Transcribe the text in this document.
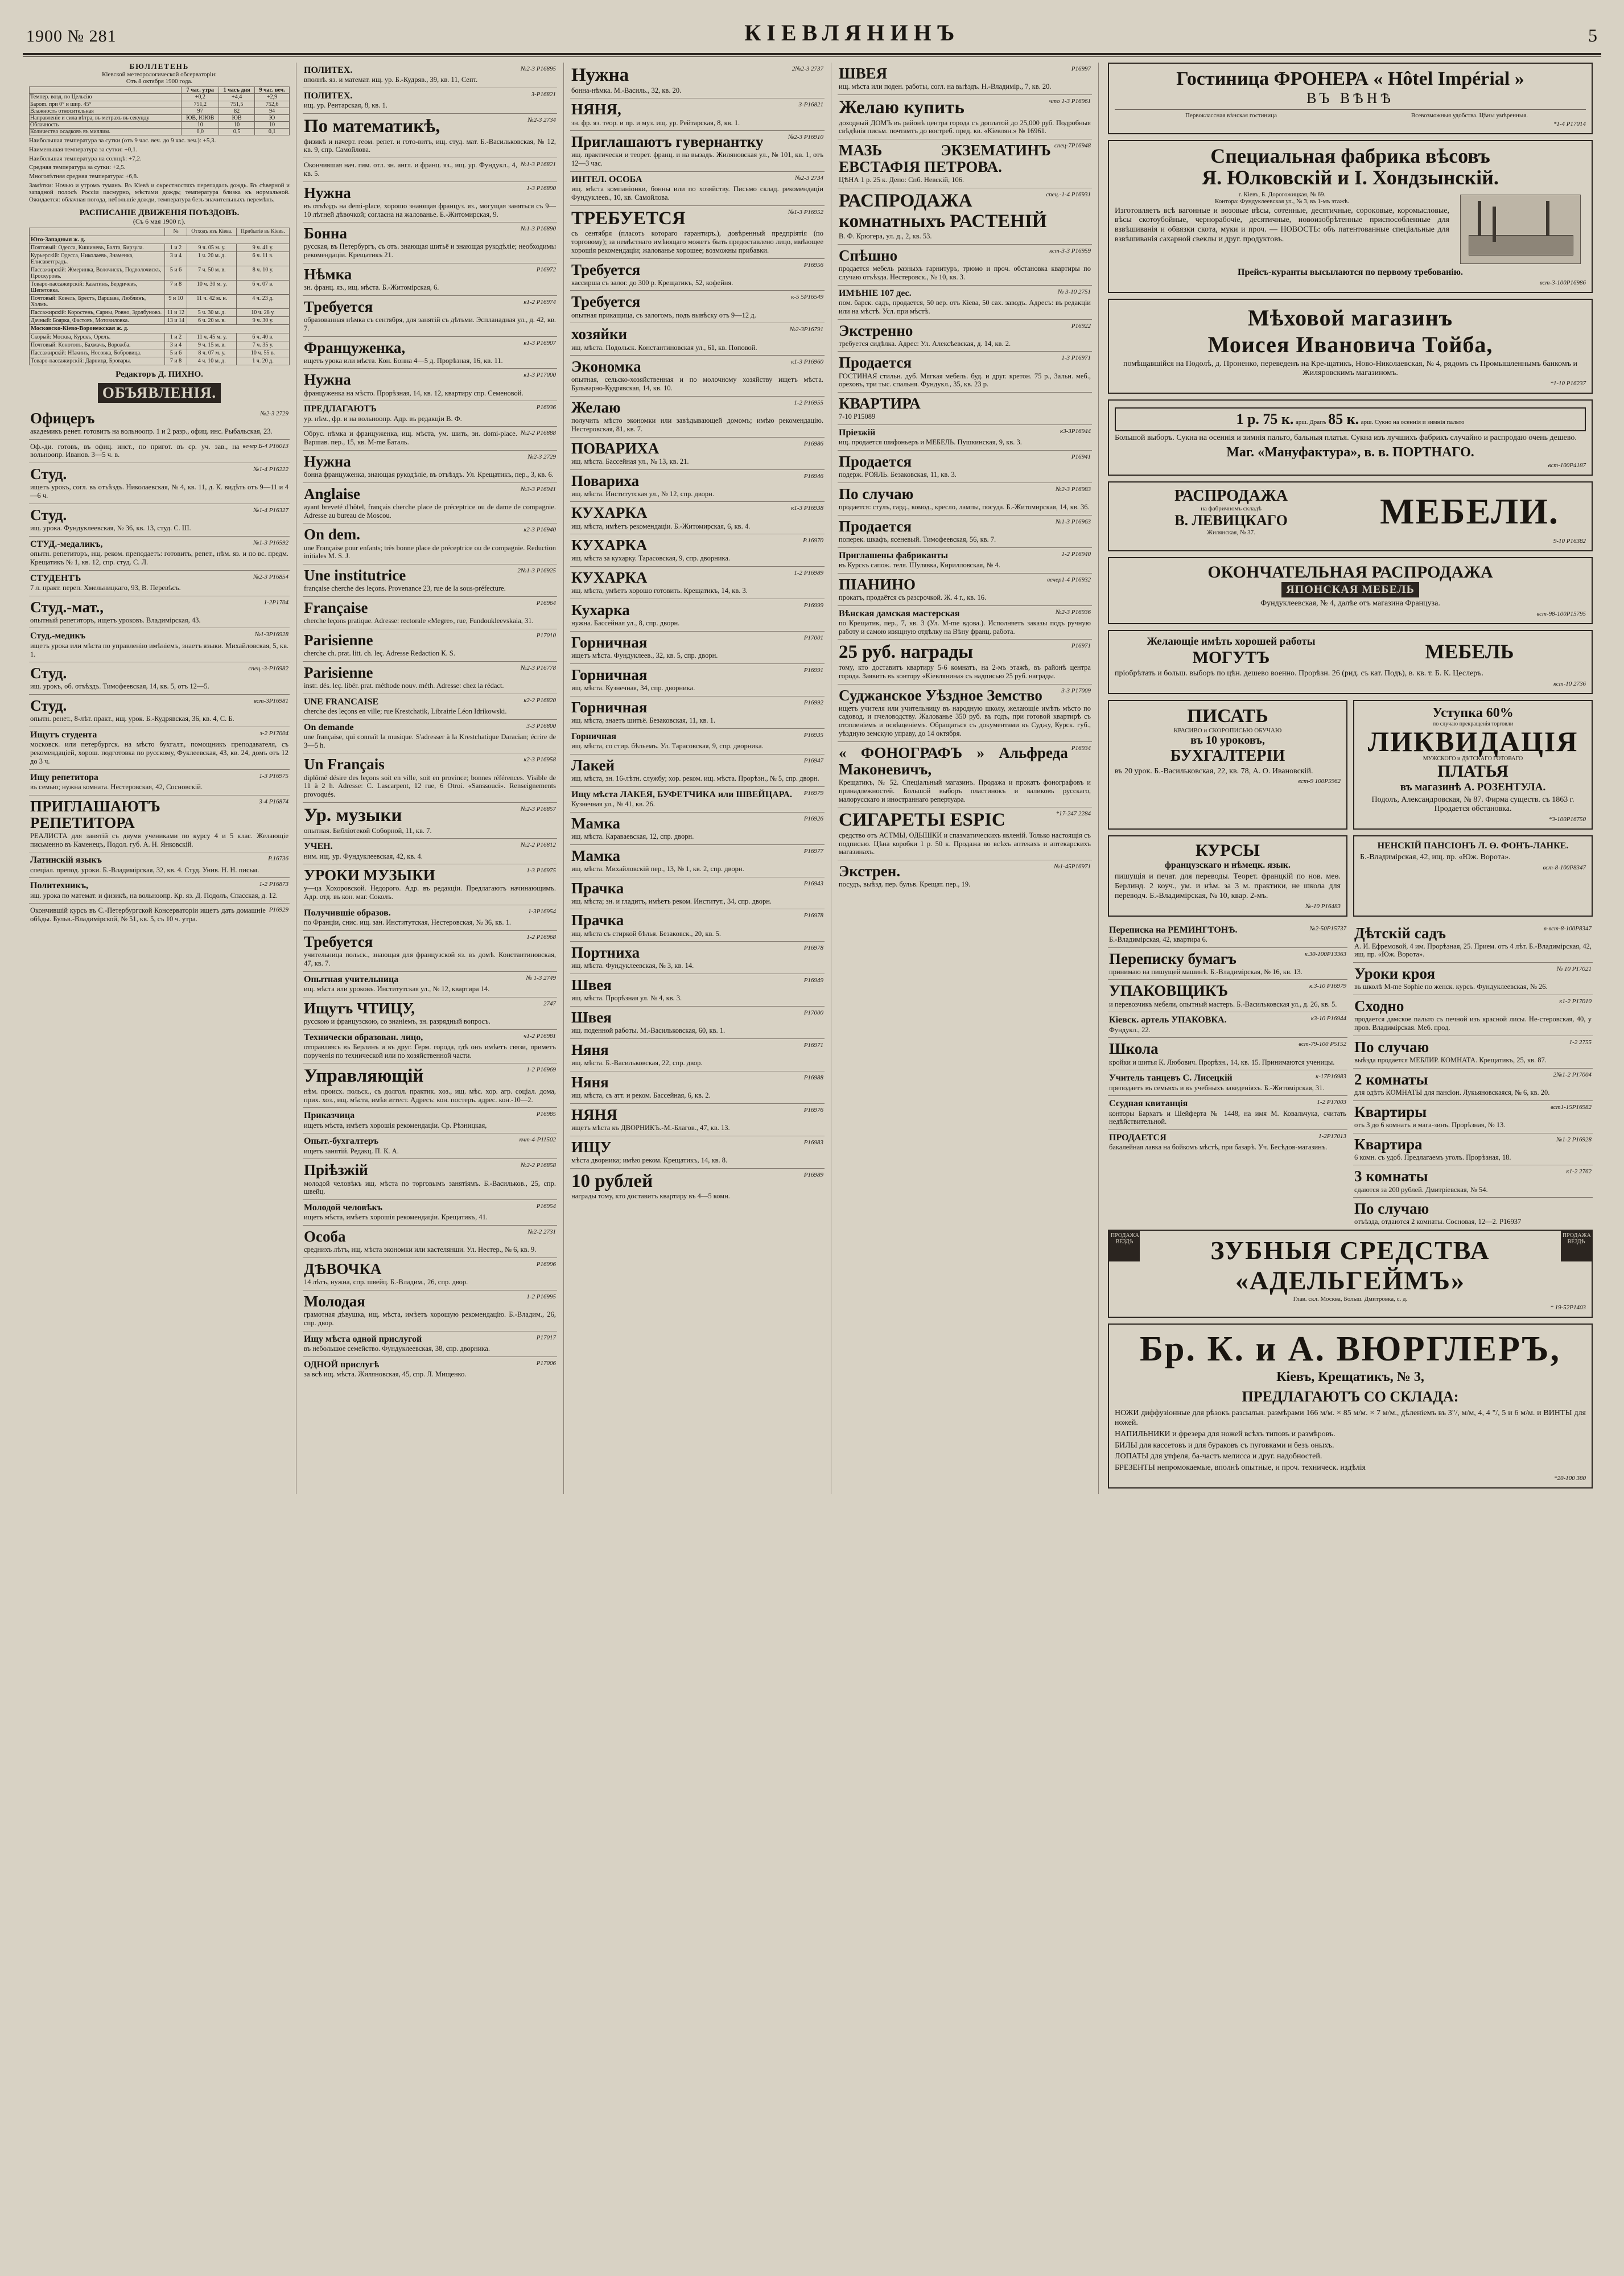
1900 № 281	КІЕВЛЯНИНЪ	5
БЮЛЛЕТЕНЬ
Кіевской метеорологической обсерваторіи:
Отъ 8 октября 1900 года.
	7 час. утра	1 часъ дня	9 час. веч.
Темпер. возд. по Цельсію	+0,2	+4,4	+2,9
Барom. при 0° и шир. 45°	751,2	751,5	752,6
Влажность относительная	97	82	94
Направленіе и сила вѣтра, въ метрахъ въ секунду	ЮВ, ЮЮВ	ЮВ	Ю
Облачность	10	10	10
Количество осадковъ въ миллим.	0,0	0,5	0,1

Наибольшая температура за сутки (отъ 9 час. веч. до 9 час. веч.): +5,3.

Наименьшая температура за сутки: +0,1.

Наибольшая температура на солнцѣ: +7,2.

Средняя температура за сутки: +2,5.

Многолѣтняя средняя температура: +6,8.

Замѣтки: Ночью и утромъ туманъ. Въ Кіевѣ и окрестностяхъ перепадалъ дождь. Въ сѣверной и западной полосѣ Россіи пасмурно, мѣстами дождь; температура близка къ нормальной. Ожидается: облачная погода, небольшіе дожди, температура безъ значительныхъ перемѣнъ.

РАСПИСАНІЕ ДВИЖЕНІЯ ПОѢЗДОВЪ.
(Съ 6 мая 1900 г.).
	№	Отходъ изъ Кіева.	Прибытіе въ Кіевъ.
Юго-Западныя ж. д.			
Почтовый: Одесса, Кишиневъ, Балта, Бирзула.	1 и 2	9 ч. 05 м. у.	9 ч. 41 у.
Курьерскій: Одесса, Николаевъ, Знаменка, Елисаветградъ.	3 и 4	1 ч. 20 м. д.	6 ч. 11 в.
Пассажирскій: Жмеринка, Волочискъ, Подволочискъ, Проскуровъ.	5 и 6	7 ч. 50 м. в.	8 ч. 10 у.
Товаро-пассажирскій: Казатинъ, Бердичевъ, Шепетовка.	7 и 8	10 ч. 30 м. у.	6 ч. 07 в.
Почтовый: Ковель, Брестъ, Варшава, Люблинъ, Холмъ.	9 и 10	11 ч. 42 м. н.	4 ч. 23 д.
Пассажирскій: Коростень, Сарны, Ровно, Здолбуново.	11 и 12	5 ч. 30 м. д.	10 ч. 28 у.
Дачный: Боярка, Фастовъ, Мотовиловка.	13 и 14	6 ч. 20 м. в.	9 ч. 30 у.
Московско-Кіево-Воронежская ж. д.			
Скорый: Москва, Курскъ, Орелъ.	1 и 2	11 ч. 45 м. у.	6 ч. 40 в.
Почтовый: Конотопъ, Бахмачъ, Ворожба.	3 и 4	9 ч. 15 м. в.	7 ч. 35 у.
Пассажирскій: Нѣжинъ, Носовка, Бобровица.	5 и 6	8 ч. 07 м. у.	10 ч. 55 в.
Товаро-пассажирскій: Дарница, Бровары.	7 и 8	4 ч. 10 м. д.	1 ч. 20 д.
Редакторъ Д. ПИХНО.
ОБЪЯВЛЕНІЯ.
№2-3 2729
Офицеръ
академикъ ренет. готовитъ на вольноопр. 1 и 2 разр., офиц. инс. Рыбальская, 23.
вечер Б-4 Р16013
Оф.-ди. готовъ, въ офиц. инст., по пригот. въ ср. уч. зав., на вольноопр. Иванов. 3—5 ч. в.
№1-4 Р16222
Студ.
ищетъ урокъ, согл. въ отъѣздъ. Николаевская, № 4, кв. 11, д. К. видѣть отъ 9—11 и 4—6 ч.
№1-4 Р16327
Студ.
ищ. урока. Фундуклеевская, № 36, кв. 13, студ. С. Ш.
№1-3 Р16592
СТУД.-медаликъ,
опытн. репетиторъ, ищ. реком. преподаетъ: готовитъ, репет., нѣм. яз. и по вс. предм. Крещатикъ № 1, кв. 12, спр. студ. С. Л.
№2-3 Р16854
СТУДЕНТЪ
7 л. практ. переп. Хмельницкаго, 93, В. Перевѣсъ.
1-2Р1704
Студ.-мат.,
опытный репетиторъ, ищетъ уроковъ. Владимірская, 43.
№1-3Р16928
Студ.-медикъ
ищетъ урока или мѣста по управленію имѣніемъ, знаетъ языки. Михайловская, 5, кв. 1.
спец.-3-Р16982
Студ.
ищ. урокъ, об. отъѣздъ. Тимофеевская, 14, кв. 5, отъ 12—5.
вст-3Р16981
Студ.
опытн. ренет., 8-лѣт. практ., ищ. урок. Б.-Кудрявская, 36, кв. 4, С. Б.
з-2 Р17004
Ищутъ студента
московск. или петербургск. на мѣсто бухгалт., помощникъ преподавателя, съ рекомендаціей, хорош. подготовка по русскому, Фуклеевская, 43, кв. 24, домъ отъ 12 до 3 ч.
1-3 Р16975
Ищу репетитора
въ семью; нужна комната. Нестеровская, 42, Сосновскій.
3-4 Р16874
ПРИГЛАШАЮТЪ РЕПЕТИТОРА
РЕАЛИСТА для занятій съ двумя учениками по курсу 4 и 5 клас. Желающіе письменно въ Каменецъ, Подол. губ. А. Н. Янковскій.
Р.16736
Латинскій языкъ
спеціал. препод. уроки. Б.-Владимірская, 32, кв. 4. Студ. Унив. Н. Н. письм.
1-2 Р16873
Политехникъ,
ищ. урока по математ. и физикѣ, на вольноопр. Кр. яз. Д. Подолъ, Спасская, д. 12.
Р16929
Окончившій курсъ въ С.-Петербургской Консерваторіи ищетъ дать домашніе обѣды. Бульв.-Владимірской, № 51, кв. 5, съ 10 ч. утра.
№2-3 Р16895
ПОЛИТЕХ.
вполнѣ. яз. и математ. ищ. ур. Б.-Кудряв., 39, кв. 11, Септ.
З-Р16821
ПОЛИТЕХ.
ищ. ур. Реитарская, 8, кв. 1.
№2-3 2734
По математикѣ,
физикѣ и начерт. геом. репет. и гото-витъ, ищ. студ. мат. Б.-Васильковская, № 12, кв. 9, спр. Самойлова.
№1-3 Р16821
Окончившая нач. гим. отл. зн. англ. и франц. яз., ищ. ур. Фундукл., 4, кв. 5.
1-3 Р16890
Нужна
въ отъѣздъ на demi-place, хорошо знающая француз. яз., могущая заняться съ 9—10 лѣтней дѣвочкой; согласна на жалованье. Б.-Житомирская, 9.
№1-3 Р16890
Бонна
русская, въ Петербургъ, съ отъ. знающая шитьё и знающая рукодѣліе; необходимы рекомендаціи. Крещатикъ 21.
Р16972
Нѣмка
зн. франц. яз., ищ. мѣста. Б.-Житомірская, 6.
к1-2 Р16974
Требуется
образованная нѣмка съ сентября, для занятій съ дѣтьми. Эспланадная ул., д. 42, кв. 7.
к1-3 Р16907
Француженка,
ищетъ урока или мѣста. Кон. Бонна 4—5 д. Прорѣзная, 16, кв. 11.
к1-3 Р17000
Нужна
француженка на мѣсто. Прорѣзная, 14, кв. 12, квартиру спр. Семеновой.
Р16936
ПРЕДЛАГАЮТЪ
ур. нѣм., фр. и на вольноопр. Адр. въ редакціи В. Ф.
№2-2 Р16888
Обрус. нѣмка и француженка, ищ. мѣста, ум. шить, зн. domi-place. Варшав. пер., 15, кв. М-me Баталь.
№2-3 2729
Нужна
бонна француженка, знающая рукодѣліе, въ отъѣздъ. Ул. Крещатикъ, пер., 3, кв. 6.
№3-3 Р16941
Anglaise
ayant breveté d'hôtel, français cherche place de préceptrice ou de dame de compagnie. Adresse au bureau de Moscou.
к2-3 Р16940
On dem.
une Française pour enfants; très bonne place de préceptrice ou de compagnie. Reduction initiales M. S. J.
2№1-3 Р16925
Une institutrice
française cherche des leçons. Provenance 23, rue de la sous-préfecture.
Р16964
Française
cherche leçons pratique. Adresse: rectorale «Mеgre», rue, Fundoukleevskaia, 31.
Р17010
Parisienne
cherche ch. prat. litt. ch. leç. Adresse Redaction К. S.
№2-3 Р16778
Parisienne
instr. dés. leç. libér. prat. méthode nouv. méth. Adresse: chez la rédact.
к2-2 Р16820
UNE FRANCAISE
cherche des leçons en ville; rue Krestchatik, Librairie Léon Idrikowski.
3-3 Р16800
On demande
une française, qui connaît la musique. S'adresser à la Krestchatique Daracian; écrire de 3—5 h.
к2-3 Р16958
Un Français
diplômé désire des leçons soit en ville, soit en province; bonnes références. Visible de 11 à 2 h. Adresse: С. Lascarpent, 12 rue, 6 Otroi. «Sanssouci». Renseignements provoqués.
№2-3 Р16857
Ур. музыки
опытная. Библіотекой Соборной, 11, кв. 7.
№2-2 Р16812
УЧЕН.
ним. ищ. ур. Фундуклеевская, 42, кв. 4.
1-3 Р16975
УРОКИ МУЗЫКИ
у—ца Хохоровской. Недорого. Адр. въ редакціи. Предлагаютъ начинающимъ. Адр. отд. въ кон. маг. Соколъ.
1-3Р16954
Получившіе образов.
по Франціи, снис. ищ. зан. Институтская, Нестеровская, № 36, кв. 1.
1-2 Р16968
Требуется
учительница польск., знающая для французской яз. въ домѣ. Константиновская, 47, кв. 7.
№ 1-3 2749
Опытная учительница
ищ. мѣста или уроковъ. Институтская ул., № 12, квартира 14.
2747
Ищутъ ЧТИЦУ,
русскою и французскою, со знаніемъ, зн. разрядный вопросъ.
ч1-2 Р16981
Технически образован. лицо,
отправляясь въ Берлинъ и въ друг. Герм. города, гдѣ онъ имѣетъ связи, приметъ порученія по технической или по хозяйственной части.
1-2 Р16969
Управляющій
нѣм. происх. польск., съ долгол. практик. хоз., ищ. мѣс. хор. агр. соціал. дома, прих. хоз., ищ. мѣста, имѣя аттест. Адресъ: кон. постеръ. адрес. кон.-10—2.
Р16985
Приказчица
ищетъ мѣста, имѣетъ хорошія рекомендаціи. Ср. Рѣзницкая,
кчт-4-Р11502
Опыт.-бухгалтеръ
ищетъ занятій. Редакц. П. К. А.
№2-2 Р16858
Прiѣзжiй
молодой человѣкъ ищ. мѣста по торговымъ занятіямъ. Б.-Васильков., 25, спр. швейц.
Р16954
Молодой человѣкъ
ищетъ мѣста, имѣетъ хорошія рекомендаціи. Крещатикъ, 41.
№2-2 2731
Особа
среднихъ лѣтъ, ищ. мѣста экономки или кастелянши. Ул. Нестер., № 6, кв. 9.
Р16996
ДѢВОЧКА
14 лѣтъ, нужна, спр. швейц. Б.-Владим., 26, спр. двор.
1-2 Р16995
Молодая
грамотная дѣвушка, ищ. мѣста, имѣетъ хорошую рекомендацію. Б.-Владим., 26, спр. двор.
Р17017
Ищу мѣста одной прислугой
въ небольшое семейство. Фундуклеевская, 38, спр. дворника.
Р17006
ОДНОЙ прислугѣ
за всѣ ищ. мѣста. Жиляновская, 45, спр. Л. Мищенко.
2№2-3 2737
Нужна
бонна-нѣмка. М.-Василь., 32, кв. 20.
З-Р16821
НЯНЯ,
зн. фр. яз. теор. и пр. и муз. ищ. ур. Рейтарская, 8, кв. 1.
№2-3 Р16910
Приглашаютъ гувернантку
ищ. практически и теорет. франц. и на вызадъ. Жиляновская ул., № 101, кв. 1, отъ 12—3 час.
№2-3 2734
ИНТЕЛ. ОСОБА
ищ. мѣста компаніонки, бонны или по хозяйству. Письмо склад. рекомендаціи Фундуклеев., 10, кв. Самойлова.
№1-3 Р16952
ТРЕБУЕТСЯ
съ сентября (пласоть котораго гарантиръ.), довѣренный предпріятія (по торговому); за немѣстнаго имѣющаго можетъ быть предоставлено лицо, имѣющее хорошія рекомендаціи; жалованье хорошее; возможны прибавки.
Р16956
Требуется
кассирша съ залог. до 300 р. Крещатикъ, 52, кофейня.
к-5 5Р16549
Требуется
опытная прикащица, съ залогомъ, подъ вывѣску отъ 9—12 д.
№2-3Р16791
хозяйки
ищ. мѣста. Подольск. Константиновская ул., 61, кв. Поповой.
к1-3 Р16960
Экономка
опытная, сельско-хозяйственная и по молочному хозяйству ищетъ мѣста. Бульварно-Кудрявская, 14, кв. 10.
1-2 Р16955
Желаю
получить мѣсто экономки или завѣдывающей домомъ; имѣю рекомендацію. Нестеровская, 81, кв. 7.
Р16986
ПОВАРИХА
ищ. мѣста. Бассейная ул., № 13, кв. 21.
Р16946
Повариха
ищ. мѣста. Институтская ул., № 12, спр. дворн.
к1-3 Р16938
КУХАРКА
ищ. мѣста, имѣетъ рекомендаціи. Б.-Житомирская, 6, кв. 4.
Р.16970
КУХАРКА
ищ. мѣста за кухарку. Тарасовская, 9, спр. дворника.
1-2 Р16989
КУХАРКА
ищ. мѣста, умѣетъ хорошо готовить. Крещатикъ, 14, кв. 3.
Р16999
Кухарка
нужна. Бассейная ул., 8, спр. дворн.
Р17001
Горничная
ищетъ мѣста. Фундуклеев., 32, кв. 5, спр. дворн.
Р16991
Горничная
ищ. мѣста. Кузнечная, 34, спр. дворника.
Р16992
Горничная
ищ. мѣста, знаетъ шитьё. Безаковская, 11, кв. 1.
Р16935
Горничная
ищ. мѣста, со стир. бѣльемъ. Ул. Тарасовская, 9, спр. дворника.
Р16947
Лакей
ищ. мѣста, зн. 16-лѣтн. службу; хор. реком. ищ. мѣста. Прорѣзн., № 5, спр. дворн.
Р16979
Ищу мѣста ЛАКЕЯ, БУФЕТЧИКА или ШВЕЙЦАРА.
Кузнечная ул., № 41, кв. 26.
Р16926
Мамка
ищ. мѣста. Караваевская, 12, спр. дворн.
Р16977
Мамка
ищ. мѣста. Михайловскій пер., 13, № 1, кв. 2, спр. дворн.
Р16943
Прачка
ищ. мѣста; зн. и гладитъ, имѣетъ реком. Институт., 34, спр. дворн.
Р16978
Прачка
ищ. мѣста съ стиркой бѣлья. Безаковск., 20, кв. 5.
Р16978
Портниха
ищ. мѣста. Фундуклеевская, № 3, кв. 14.
Р16949
Швея
ищ. мѣста. Прорѣзная ул. № 4, кв. 3.
Р17000
Швея
ищ. поденной работы. М.-Васильковская, 60, кв. 1.
Р16971
Няня
ищ. мѣста. Б.-Васильковская, 22, спр. двор.
Р16988
Няня
ищ. мѣста, съ атт. и реком. Бассейная, 6, кв. 2.
Р16976
НЯНЯ
ищетъ мѣста къ ДВОРНИКЪ.-М.-Благов., 47, кв. 13.
Р16983
ИЩУ
мѣста дворника; имѣю реком. Крещатикъ, 14, кв. 8.
Р16989
10 рублей
награды тому, кто доставитъ квартиру въ 4—5 комн.
Р16997
ШВЕЯ
ищ. мѣста или поден. работы, согл. на выѣздъ. Н.-Владимір., 7, кв. 20.
что 1-3 Р16961
Желаю купить
доходный ДОМЪ въ районѣ центра города съ доплатой до 25,000 руб. Подробныя свѣдѣнія письм. почтамтъ до востреб. пред. кв. «Кіевлян.» № 16961.
спец-7Р16948
МАЗЬ ЭКЗЕМАТИНЪ ЕВСТАФІЯ ПЕТРОВА.
ЦѢНА 1 р. 25 к. Депо: Спб. Невскій, 106.
спец.-1-4 Р16931
РАСПРОДАЖА комнатныхъ РАСТЕНІЙ
В. Ф. Крюгера, ул. д., 2, кв. 53.
кст-3-3 Р16959
Спѣшно
продается мебель разныхъ гарнитуръ, трюмо и проч. обстановка квартиры по случаю отъѣзда. Нестеровск., № 10, кв. 3.
№ 3-10 2751
ИМѢНІЕ 107 дес.
пом. барск. садъ, продается, 50 вер. отъ Кіева, 50 сах. заводъ. Адресъ: въ редакціи или на мѣстѣ. Усл. при мѣстѣ.
Р16922
Экстренно
требуется сидѣлка. Адрес: Ул. Алексѣевская, д. 14, кв. 2.
1-3 Р16971
Продается
ГОСТИНАЯ стильн. дуб. Мягкая мебель. буд. и друг. кретон. 75 р., Зальн. меб., ореховъ, три тыс. спальня. Фундукл., 35, кв. 23 р.
КВАРТИРА
7-10 Р15089
к3-3Р16944
Прieзжiй
ищ. продается шифоньеръ и МЕБЕЛЬ. Пушкинская, 9, кв. 3.
Р16941
Продается
подерж. РОЯЛЬ. Безаковская, 11, кв. 3.
№2-3 Р16983
По случаю
продается: стулъ, гард., комод., кресло, лампы, посуда. Б.-Житомирская, 14, кв. 36.
№1-3 Р16963
Продается
поперек. шкафъ, ясеневый. Тимофеевская, 56, кв. 7.
1-2 Р16940
Приглашены фабриканты
въ Курскъ сапож. теля. Шулявка, Кирилловская, № 4.
вечер1-4 Р16932
ПІАНИНО
прокатъ, продаётся съ разсрочкой. Ж. 4 г., кв. 16.
№2-3 Р16936
Вѣнская дамская мастерская
по Крещатик, пер., 7, кв. 3 (Ул. М-me вдова.). Исполняетъ заказы подъ ручную работу и самою изящную отдѣлку на Вѣну франц. работа.
Р16971
25 руб. награды
тому, кто доставитъ квартиру 5-6 комнатъ, на 2-мъ этажѣ, въ районѣ центра города. Заявить въ контору «Кіевлянина» съ надписью 25 руб. награды.
3-3 Р17009
Суджанское Уѣздное Земство
ищетъ учителя или учительницу въ народную школу, желающіе имѣть мѣсто по садовод. и пчеловодству. Жалованье 350 руб. въ годъ, при готовой квартирѣ съ отопленіемъ и освѣщеніемъ. Обращаться съ документами въ Суджу, Курск. губ., уѣздную земскую управу, до 14 октября.
Р16934
« ФОНОГРАФЪ » Альфреда Маконевичъ,
Крещатикъ, № 52. Спеціальный магазинъ. Продажа и прокатъ фонографовъ и принадлежностей. Большой выборъ пластинокъ и валиковъ русскаго, малорусскаго и иностраннаго репертуара.
*17-247 2284
СИГАРЕТЫ ESPIC
средство отъ АСТМЫ, ОДЫШКИ и спазматическихъ явленій. Только настоящія съ подписью. Цѣна коробки 1 р. 50 к. Продажа во всѣхъ аптекахъ и аптекарскихъ магазинахъ.
№1-45Р16971
Экстрен.
посудъ, выѣзд. пер. бульв. Крещат. пер., 19.
Гостиница ФРОНЕРА « Hôtel Impérial »
ВЪ ВѢНѢ
Первоклассная вѣнская гостиница	Всевозможныя удобства. Цѣны умѣренныя.
*1-4 Р17014
Специальная фабрика вѣсовъ
Я. Юлковскій и І. Хондзынскій.
г. Кіевъ, Б. Дорогожицкая, № 69.
Конторa: Фундуклеевская ул., № 3, въ 1-мъ этажѣ.

Изготовляетъ всѣ вагонные и возовые вѣсы, сотенные, десятичные, сорокoвые, коромысловые, вѣсы скотоубойные, чернорабочіе, десятичные, новоизобрѣтенные приспособленные для взвѣшиванія и обвязки скота, муки и проч. — НОВОСТЬ: объ патентованные спеціальные для взвѣшиванія сахарной свеклы и друг. продуктовъ.

Прейсъ-куранты высылаются по первому требованію.
вст-3-100Р16986
Мѣховой магазинъ
Моисея Ивановича Тойба,

помѣщавшійся на Подолѣ, д. Проненко, переведенъ на Кре-щатикъ, Ново-Николаевская, № 4, рядомъ съ Промышленнымъ банкомъ и Жиляровскимъ магазиномъ.

*1-10 Р16237
1 р. 75 к. арш. Драпъ 85 к. арш. Сукно на осеннія и зимнія пальто

Большой выборъ. Сукна на осеннія и зимнія пальто, бальныя платья. Сукна изъ лучшихъ фабрикъ случайно и распродаю очень дешево.

Маг. «Мануфактура», в. в. ПОРТНАГО.
вст-100Р4187
РАСПРОДАЖА
на фабричномъ складѣ
В. ЛЕВИЦКАГО
Жилянская, № 37.
МЕБЕЛИ.
9-10 Р16382
ОКОНЧАТЕЛЬНАЯ РАСПРОДАЖА
ЯПОНСКАЯ МЕБЕЛЬ

Фундуклеевская, № 4, далѣе отъ магазина Француза.

вст-98-100Р15795
Желающіе имѣть хорошей работы
МОГУТЪ	МЕБЕЛЬ

пріобрѣтать и больш. выборъ по цѣн. дешево военно. Прорѣзн. 26 (рид. съ кат. Подъ), в. кв. т. Б. К. Цеслеръ.

кст-10 2736
ПИСАТЬ
КРАСИВО и СКОРОПИСЬЮ ОБУЧАЮ
въ 10 уроковъ,
БУХГАЛТЕРІИ

въ 20 урок. Б.-Васильковская, 22, кв. 78, А. О. Ивановскій.

вст-9 100Р5962
Уступка 60%
по случаю прекращенія торговли
ЛИКВИДАЦІЯ
МУЖСКОГО и ДѢТСКАГО ГОТОВАГО
ПЛАТЬЯ
въ магазинѣ А. РОЗЕНТУЛА.

Подолъ, Александровская, № 87. Фирма существ. съ 1863 г. Продается обстановка.

*3-100Р16750
КУРСЫ
французскаго и нѣмецк. язык.

пишущія и печат. для переводы. Теорет. францкій по нов. меѳ. Берлинд. 2 коуч., ум. и нѣм. за 3 м. практики, не школа для переводч. Б.-Владимірская, № 10, квар. 2-мъ.

№-10 Р16483
НЕНСКІЙ ПАНСІОНЪ Л. Ө. ФОНЪ-ЛАНКЕ.

Б.-Владимірская, 42, ищ. пр. «Юж. Ворота».

вст-8-100Р8347
№2-50Р15737
Переписка на РЕМИНГТОНѢ.
Б.-Владимірская, 42, квартира 6.
к.30-100Р13363
Переписку бумагъ
принимаю на пишущей машинѣ. Б.-Владимірская, № 16, кв. 13.
к.3-10 Р16979
УПАКОВЩИКЪ
и перевозчикъ мебели, опытный мастеръ. Б.-Васильковская ул., д. 26, кв. 5.
к3-10 Р16944
Кіевск. артель УПАКОВКА.
Фундукл., 22.
вст-79-100 Р5152
Школа
кройки и шитья К. Любович. Прорѣзн., 14, кв. 15. Принимаются ученицы.
к-17Р16983
Учитель танцевъ С. Лисецкій
преподаетъ въ семьяхъ и въ учебныхъ заведеніяхъ. Б.-Житомірская, 31.
1-2 Р17003
Ссудная квитанція
конторы Бархатъ и Шейферта № 1448, на имя М. Ковальчука, считать недѣйствительной.
1-2Р17013
ПРОДАЕТСЯ
бакалейная лавка на бойкомъ мѣстѣ, при базарѣ. Уч. Бесѣдов-магазинъ.
в-вст-8-100Р8347
Дѣтскій садъ
А. И. Ефремовой, 4 им. Прорѣзная, 25. Прием. отъ 4 лѣт. Б.-Владимірская, 42, ищ. пр. «Юж. Ворота».
№ 10 Р17021
Уроки кроя
въ школѣ M-me Sophie по женск. курсъ. Фундуклеевская, № 26.
к1-2 Р17010
Сходно
продается дамское пальто съ печной изъ красной лисы. Не-стеровская, 40, у пров. Владимірская. Меб. прод.
1-2 2755
По случаю
выѣзда продается МЕБЛИР. КОМНАТА. Крещатикъ, 25, кв. 87.
2№1-2 Р17004
2 комнаты
для одѣтъ КОМНАТЫ для пансіон. Лукьяновскаяся, № 6, кв. 20.
вст1-15Р16982
Квартиры
отъ 3 до 6 комнатъ и мага-зинъ. Прорѣзная, № 13.
№1-2 Р16928
Квартира
6 комн. съ удоб. Предлагаемъ уголъ. Прорѣзная, 18.
к1-2 2762
3 комнаты
сдаются за 200 рублей. Дмитріевская, № 54.
По случаю
отъѣзда, отдаются 2 комнаты. Сосновая, 12—2. Р16937
ПРОДАЖА ВЕЗДѢ
ПРОДАЖА ВЕЗДѢ
ЗУБНЫЯ СРЕДСТВА «АДЕЛЬГЕЙМЪ»
Глав. скл. Москва, Больш. Дмитровка, с. д.
* 19-52Р1403
Бр. К. и А. ВЮРГЛЕРЪ,
Кіевъ, Крещатикъ, № 3,
ПРЕДЛАГАЮТЪ СО СКЛАДА:

НОЖИ диффузіонные для рѣзокъ разсыльн. размѣрами 166 м/м. × 85 м/м. × 7 м/м., дѣленіемъ въ 3"/, м/м, 4, 4 "/, 5 и 6 м/м. и ВИНТЫ для ножей.

НАПИЛЬНИКИ и фрезера для ножей всѣхъ типовъ и размѣровъ.

БИЛЫ для кассетовъ и для бураковъ съ пуговками и безъ оныхъ.

ЛОПАТЫ для утфеля, ба-частъ мелисса и друг. надобностей.

БРЕЗЕНТЫ непромокаемые, вполнѣ опытные, и проч. техническ. издѣлія

*20-100 380
